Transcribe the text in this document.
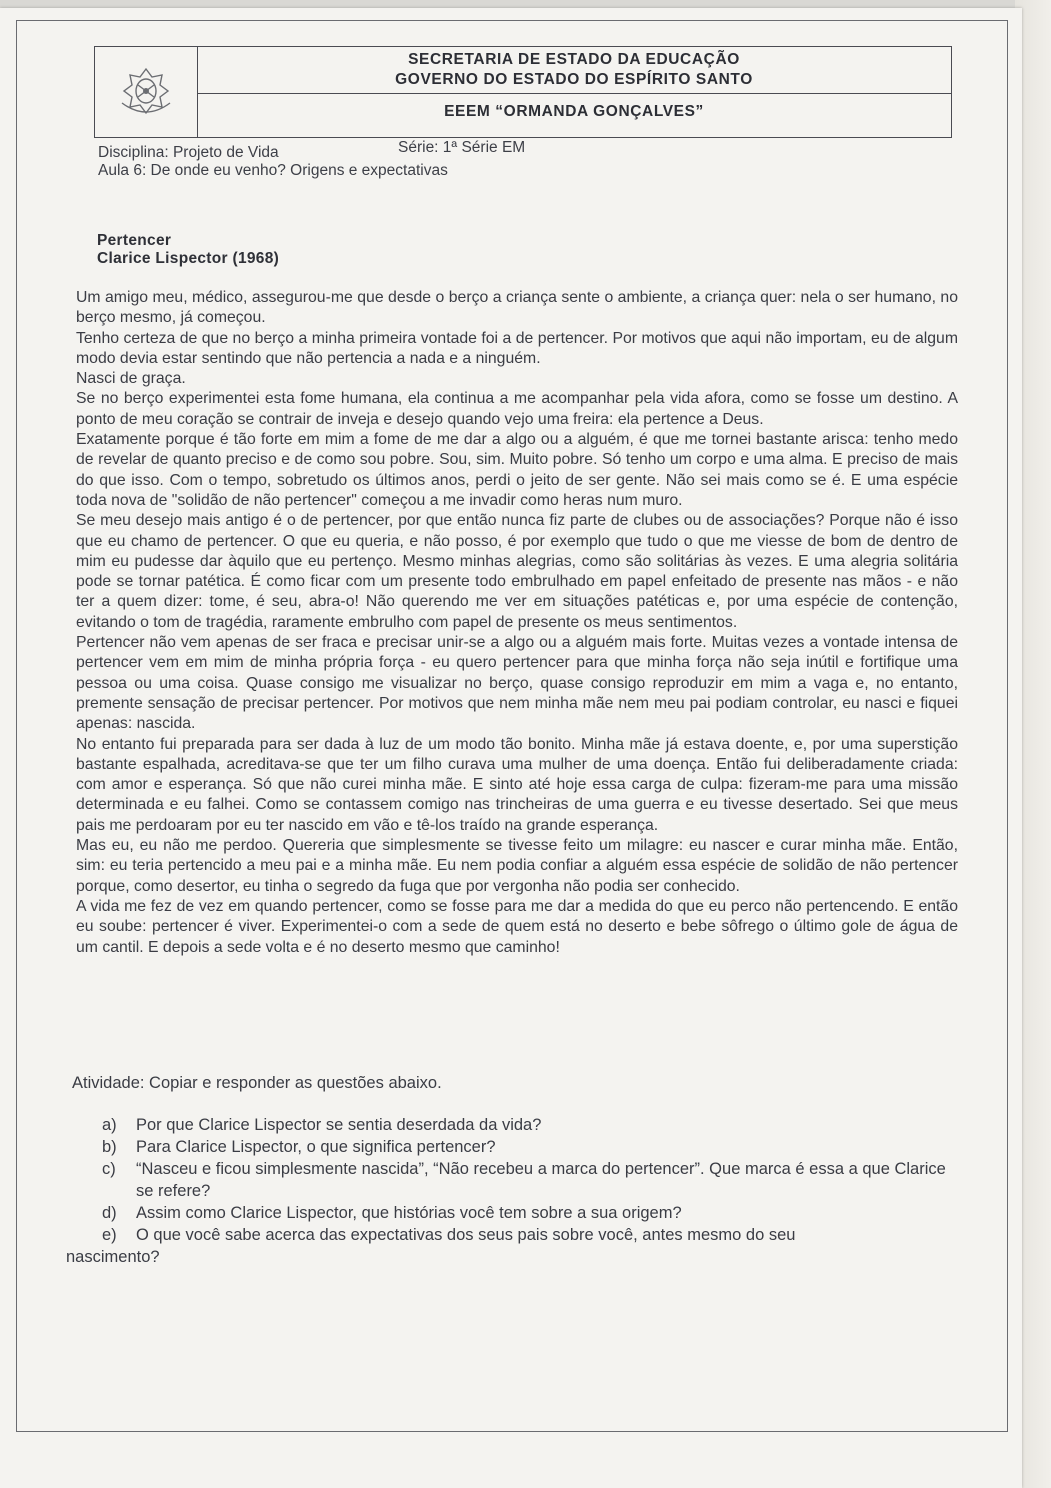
SECRETARIA DE ESTADO DA EDUCAÇÃO
GOVERNO DO ESTADO DO ESPÍRITO SANTO
EEEM “ORMANDA GONÇALVES”
Disciplina: Projeto de Vida	Série: 1ª Série EM
Aula 6: De onde eu venho? Origens e expectativas
Pertencer
Clarice Lispector (1968)

Um amigo meu, médico, assegurou-me que desde o berço a criança sente o ambiente, a criança quer: nela o ser humano, no berço mesmo, já começou.

Tenho certeza de que no berço a minha primeira vontade foi a de pertencer. Por motivos que aqui não importam, eu de algum modo devia estar sentindo que não pertencia a nada e a ninguém.

Nasci de graça.

Se no berço experimentei esta fome humana, ela continua a me acompanhar pela vida afora, como se fosse um destino. A ponto de meu coração se contrair de inveja e desejo quando vejo uma freira: ela pertence a Deus.

Exatamente porque é tão forte em mim a fome de me dar a algo ou a alguém, é que me tornei bastante arisca: tenho medo de revelar de quanto preciso e de como sou pobre. Sou, sim. Muito pobre. Só tenho um corpo e uma alma. E preciso de mais do que isso. Com o tempo, sobretudo os últimos anos, perdi o jeito de ser gente. Não sei mais como se é. E uma espécie toda nova de "solidão de não pertencer" começou a me invadir como heras num muro.

Se meu desejo mais antigo é o de pertencer, por que então nunca fiz parte de clubes ou de associações? Porque não é isso que eu chamo de pertencer. O que eu queria, e não posso, é por exemplo que tudo o que me viesse de bom de dentro de mim eu pudesse dar àquilo que eu pertenço. Mesmo minhas alegrias, como são solitárias às vezes. E uma alegria solitária pode se tornar patética. É como ficar com um presente todo embrulhado em papel enfeitado de presente nas mãos - e não ter a quem dizer: tome, é seu, abra-o! Não querendo me ver em situações patéticas e, por uma espécie de contenção, evitando o tom de tragédia, raramente embrulho com papel de presente os meus sentimentos.

Pertencer não vem apenas de ser fraca e precisar unir-se a algo ou a alguém mais forte. Muitas vezes a vontade intensa de pertencer vem em mim de minha própria força - eu quero pertencer para que minha força não seja inútil e fortifique uma pessoa ou uma coisa. Quase consigo me visualizar no berço, quase consigo reproduzir em mim a vaga e, no entanto, premente sensação de precisar pertencer. Por motivos que nem minha mãe nem meu pai podiam controlar, eu nasci e fiquei apenas: nascida.

No entanto fui preparada para ser dada à luz de um modo tão bonito. Minha mãe já estava doente, e, por uma superstição bastante espalhada, acreditava-se que ter um filho curava uma mulher de uma doença. Então fui deliberadamente criada: com amor e esperança. Só que não curei minha mãe. E sinto até hoje essa carga de culpa: fizeram-me para uma missão determinada e eu falhei. Como se contassem comigo nas trincheiras de uma guerra e eu tivesse desertado. Sei que meus pais me perdoaram por eu ter nascido em vão e tê-los traído na grande esperança.

Mas eu, eu não me perdoo. Quereria que simplesmente se tivesse feito um milagre: eu nascer e curar minha mãe. Então, sim: eu teria pertencido a meu pai e a minha mãe. Eu nem podia confiar a alguém essa espécie de solidão de não pertencer porque, como desertor, eu tinha o segredo da fuga que por vergonha não podia ser conhecido.

A vida me fez de vez em quando pertencer, como se fosse para me dar a medida do que eu perco não pertencendo. E então eu soube: pertencer é viver. Experimentei-o com a sede de quem está no deserto e bebe sôfrego o último gole de água de um cantil. E depois a sede volta e é no deserto mesmo que caminho!

Atividade: Copiar e responder as questões abaixo.
a) Por que Clarice Lispector se sentia deserdada da vida?
b) Para Clarice Lispector, o que significa pertencer?
c) “Nasceu e ficou simplesmente nascida”, “Não recebeu a marca do pertencer”. Que marca é essa a que Clarice se refere?
d) Assim como Clarice Lispector, que histórias você tem sobre a sua origem?
e)	O que você sabe acerca das expectativas dos seus pais sobre você, antes mesmo do seu nascimento?
